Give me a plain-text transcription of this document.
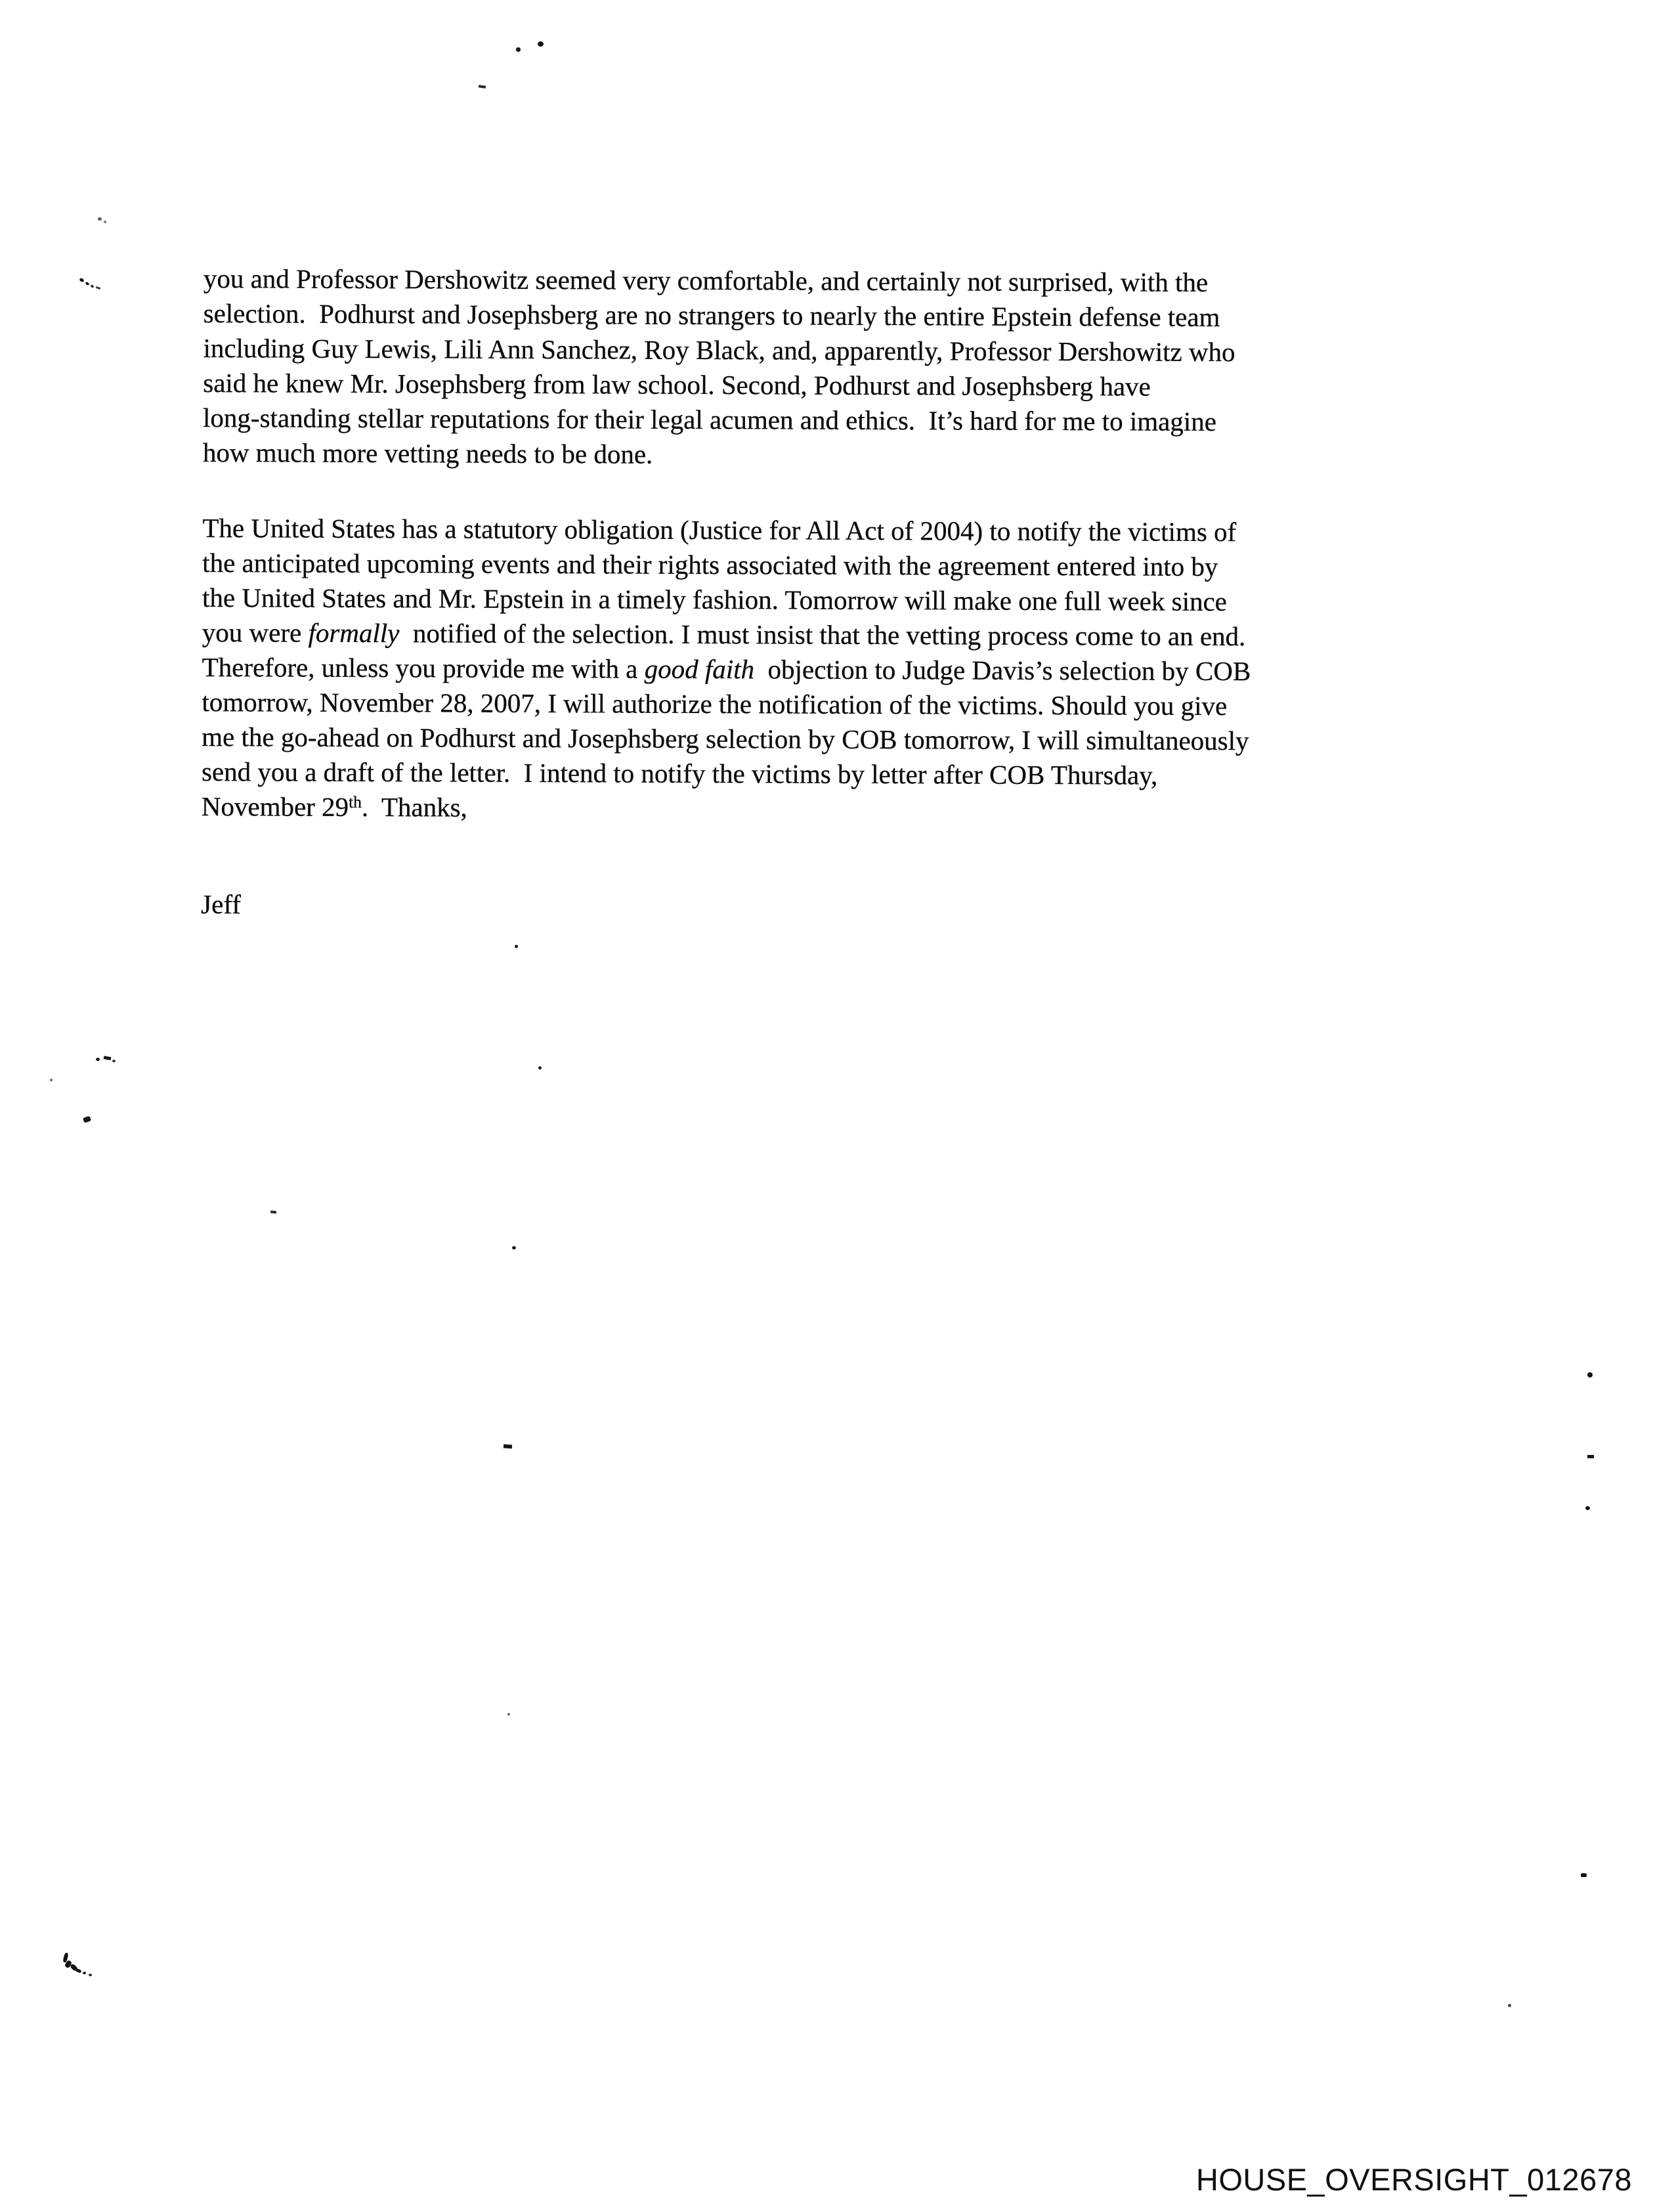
you and Professor Dershowitz seemed very comfortable, and certainly not surprised, with the
selection.  Podhurst and Josephsberg are no strangers to nearly the entire Epstein defense team
including Guy Lewis, Lili Ann Sanchez, Roy Black, and, apparently, Professor Dershowitz who
said he knew Mr. Josephsberg from law school. Second, Podhurst and Josephsberg have
long-standing stellar reputations for their legal acumen and ethics.  It’s hard for me to imagine
how much more vetting needs to be done.
The United States has a statutory obligation (Justice for All Act of 2004) to notify the victims of
the anticipated upcoming events and their rights associated with the agreement entered into by
the United States and Mr. Epstein in a timely fashion. Tomorrow will make one full week since
you were formally  notified of the selection. I must insist that the vetting process come to an end.
Therefore, unless you provide me with a good faith  objection to Judge Davis’s selection by COB
tomorrow, November 28, 2007, I will authorize the notification of the victims. Should you give
me the go-ahead on Podhurst and Josephsberg selection by COB tomorrow, I will simultaneously
send you a draft of the letter.  I intend to notify the victims by letter after COB Thursday,
November 29th.  Thanks,
Jeff
HOUSE_OVERSIGHT_012678
